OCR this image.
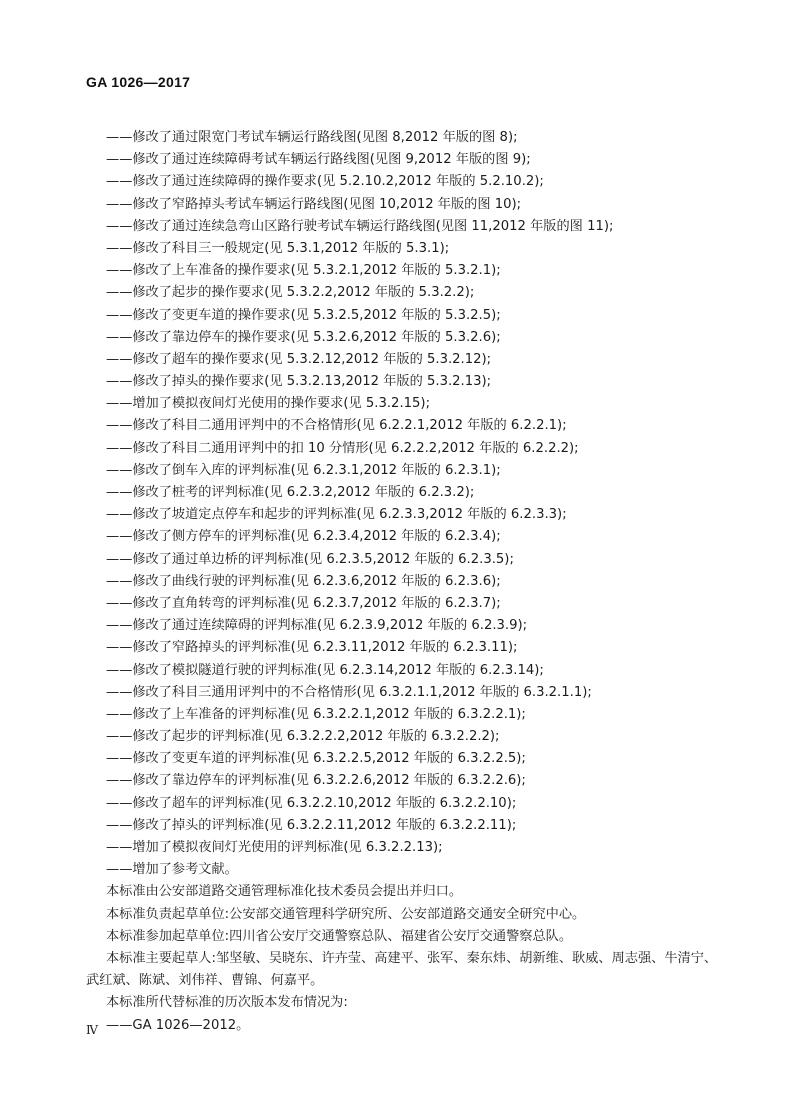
GA 1026—2017
——修改了通过限宽门考试车辆运行路线图(见图 8,2012 年版的图 8);
——修改了通过连续障碍考试车辆运行路线图(见图 9,2012 年版的图 9);
——修改了通过连续障碍的操作要求(见 5.2.10.2,2012 年版的 5.2.10.2);
——修改了窄路掉头考试车辆运行路线图(见图 10,2012 年版的图 10);
——修改了通过连续急弯山区路行驶考试车辆运行路线图(见图 11,2012 年版的图 11);
——修改了科目三一般规定(见 5.3.1,2012 年版的 5.3.1);
——修改了上车准备的操作要求(见 5.3.2.1,2012 年版的 5.3.2.1);
——修改了起步的操作要求(见 5.3.2.2,2012 年版的 5.3.2.2);
——修改了变更车道的操作要求(见 5.3.2.5,2012 年版的 5.3.2.5);
——修改了靠边停车的操作要求(见 5.3.2.6,2012 年版的 5.3.2.6);
——修改了超车的操作要求(见 5.3.2.12,2012 年版的 5.3.2.12);
——修改了掉头的操作要求(见 5.3.2.13,2012 年版的 5.3.2.13);
——增加了模拟夜间灯光使用的操作要求(见 5.3.2.15);
——修改了科目二通用评判中的不合格情形(见 6.2.2.1,2012 年版的 6.2.2.1);
——修改了科目二通用评判中的扣 10 分情形(见 6.2.2.2,2012 年版的 6.2.2.2);
——修改了倒车入库的评判标准(见 6.2.3.1,2012 年版的 6.2.3.1);
——修改了桩考的评判标准(见 6.2.3.2,2012 年版的 6.2.3.2);
——修改了坡道定点停车和起步的评判标准(见 6.2.3.3,2012 年版的 6.2.3.3);
——修改了侧方停车的评判标准(见 6.2.3.4,2012 年版的 6.2.3.4);
——修改了通过单边桥的评判标准(见 6.2.3.5,2012 年版的 6.2.3.5);
——修改了曲线行驶的评判标准(见 6.2.3.6,2012 年版的 6.2.3.6);
——修改了直角转弯的评判标准(见 6.2.3.7,2012 年版的 6.2.3.7);
——修改了通过连续障碍的评判标准(见 6.2.3.9,2012 年版的 6.2.3.9);
——修改了窄路掉头的评判标准(见 6.2.3.11,2012 年版的 6.2.3.11);
——修改了模拟隧道行驶的评判标准(见 6.2.3.14,2012 年版的 6.2.3.14);
——修改了科目三通用评判中的不合格情形(见 6.3.2.1.1,2012 年版的 6.3.2.1.1);
——修改了上车准备的评判标准(见 6.3.2.2.1,2012 年版的 6.3.2.2.1);
——修改了起步的评判标准(见 6.3.2.2.2,2012 年版的 6.3.2.2.2);
——修改了变更车道的评判标准(见 6.3.2.2.5,2012 年版的 6.3.2.2.5);
——修改了靠边停车的评判标准(见 6.3.2.2.6,2012 年版的 6.3.2.2.6);
——修改了超车的评判标准(见 6.3.2.2.10,2012 年版的 6.3.2.2.10);
——修改了掉头的评判标准(见 6.3.2.2.11,2012 年版的 6.3.2.2.11);
——增加了模拟夜间灯光使用的评判标准(见 6.3.2.2.13);
——增加了参考文献。
本标准由公安部道路交通管理标准化技术委员会提出并归口。
本标准负责起草单位:公安部交通管理科学研究所、公安部道路交通安全研究中心。
本标准参加起草单位:四川省公安厅交通警察总队、福建省公安厅交通警察总队。
本标准主要起草人:邹坚敏、吴晓东、许卉莹、高建平、张军、秦东炜、胡新维、耿威、周志强、牛清宁、
武红斌、陈斌、刘伟祥、曹锦、何嘉平。
本标准所代替标准的历次版本发布情况为:
——GA 1026—2012。
Ⅳ
